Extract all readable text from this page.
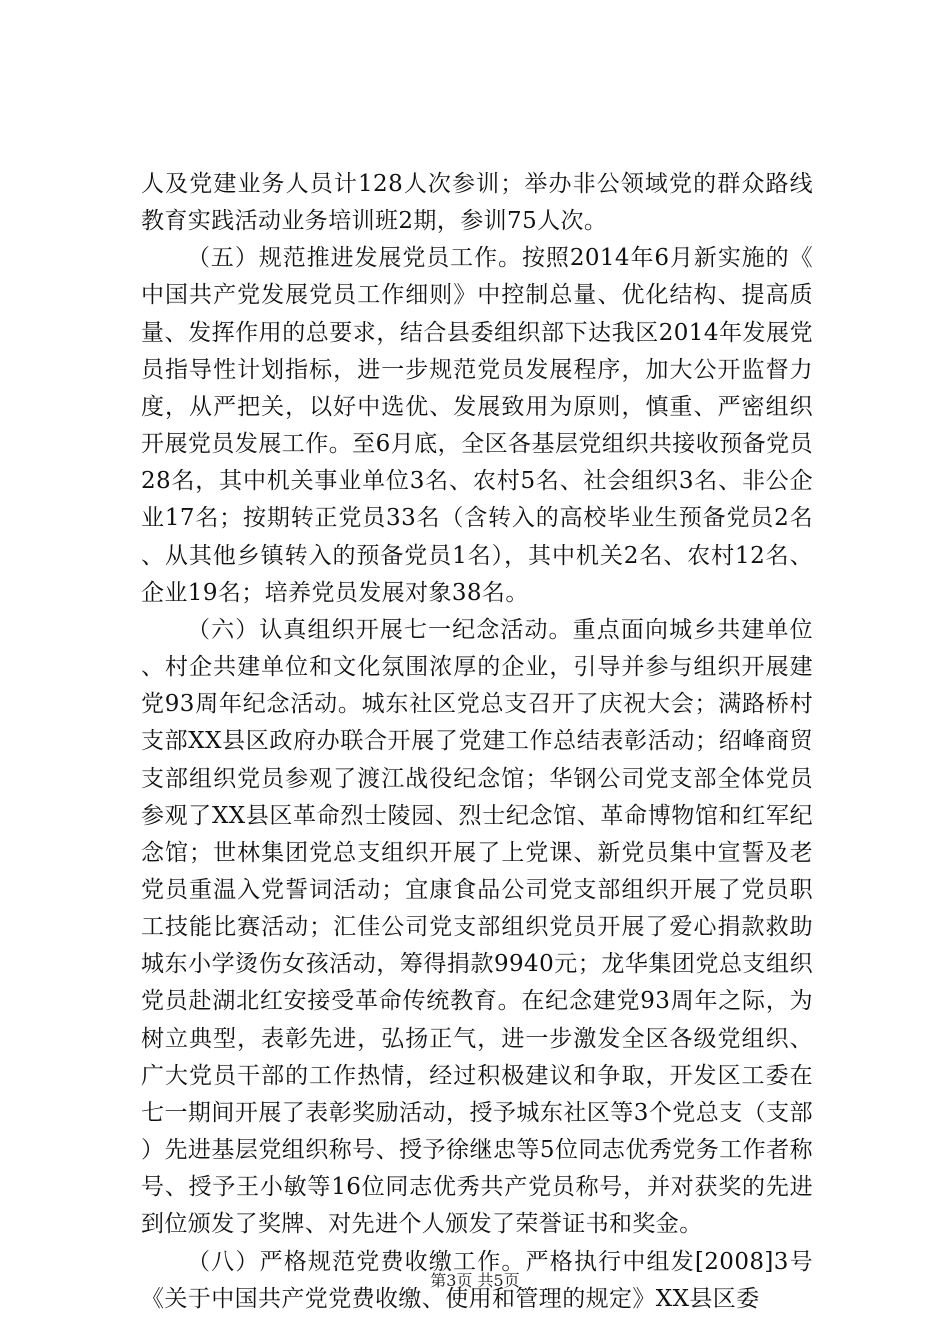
人及党建业务人员计128人次参训；举办非公领域党的群众路线教育实践活动业务培训班2期，参训75人次。

（五）规范推进发展党员工作。按照2014年6月新实施的《中国共产党发展党员工作细则》中控制总量、优化结构、提高质量、发挥作用的总要求，结合县委组织部下达我区2014年发展党员指导性计划指标，进一步规范党员发展程序，加大公开监督力度，从严把关，以好中选优、发展致用为原则，慎重、严密组织开展党员发展工作。至6月底，全区各基层党组织共接收预备党员28名，其中机关事业单位3名、农村5名、社会组织3名、非公企业17名；按期转正党员33名（含转入的高校毕业生预备党员2名、从其他乡镇转入的预备党员1名），其中机关2名、农村12名、企业19名；培养党员发展对象38名。

（六）认真组织开展七一纪念活动。重点面向城乡共建单位、村企共建单位和文化氛围浓厚的企业，引导并参与组织开展建党93周年纪念活动。城东社区党总支召开了庆祝大会；满路桥村支部XX县区政府办联合开展了党建工作总结表彰活动；绍峰商贸支部组织党员参观了渡江战役纪念馆；华钢公司党支部全体党员参观了XX县区革命烈士陵园、烈士纪念馆、革命博物馆和红军纪念馆；世林集团党总支组织开展了上党课、新党员集中宣誓及老党员重温入党誓词活动；宜康食品公司党支部组织开展了党员职工技能比赛活动；汇佳公司党支部组织党员开展了爱心捐款救助城东小学烫伤女孩活动，筹得捐款9940元；龙华集团党总支组织党员赴湖北红安接受革命传统教育。在纪念建党93周年之际，为树立典型，表彰先进，弘扬正气，进一步激发全区各级党组织、广大党员干部的工作热情，经过积极建议和争取，开发区工委在七一期间开展了表彰奖励活动，授予城东社区等3个党总支（支部）先进基层党组织称号、授予徐继忠等5位同志优秀党务工作者称号、授予王小敏等16位同志优秀共产党员称号，并对获奖的先进到位颁发了奖牌、对先进个人颁发了荣誉证书和奖金。

（八）严格规范党费收缴工作。严格执行中组发[2008]3号《关于中国共产党党费收缴、使用和管理的规定》XX县区委

第3页 共5页
